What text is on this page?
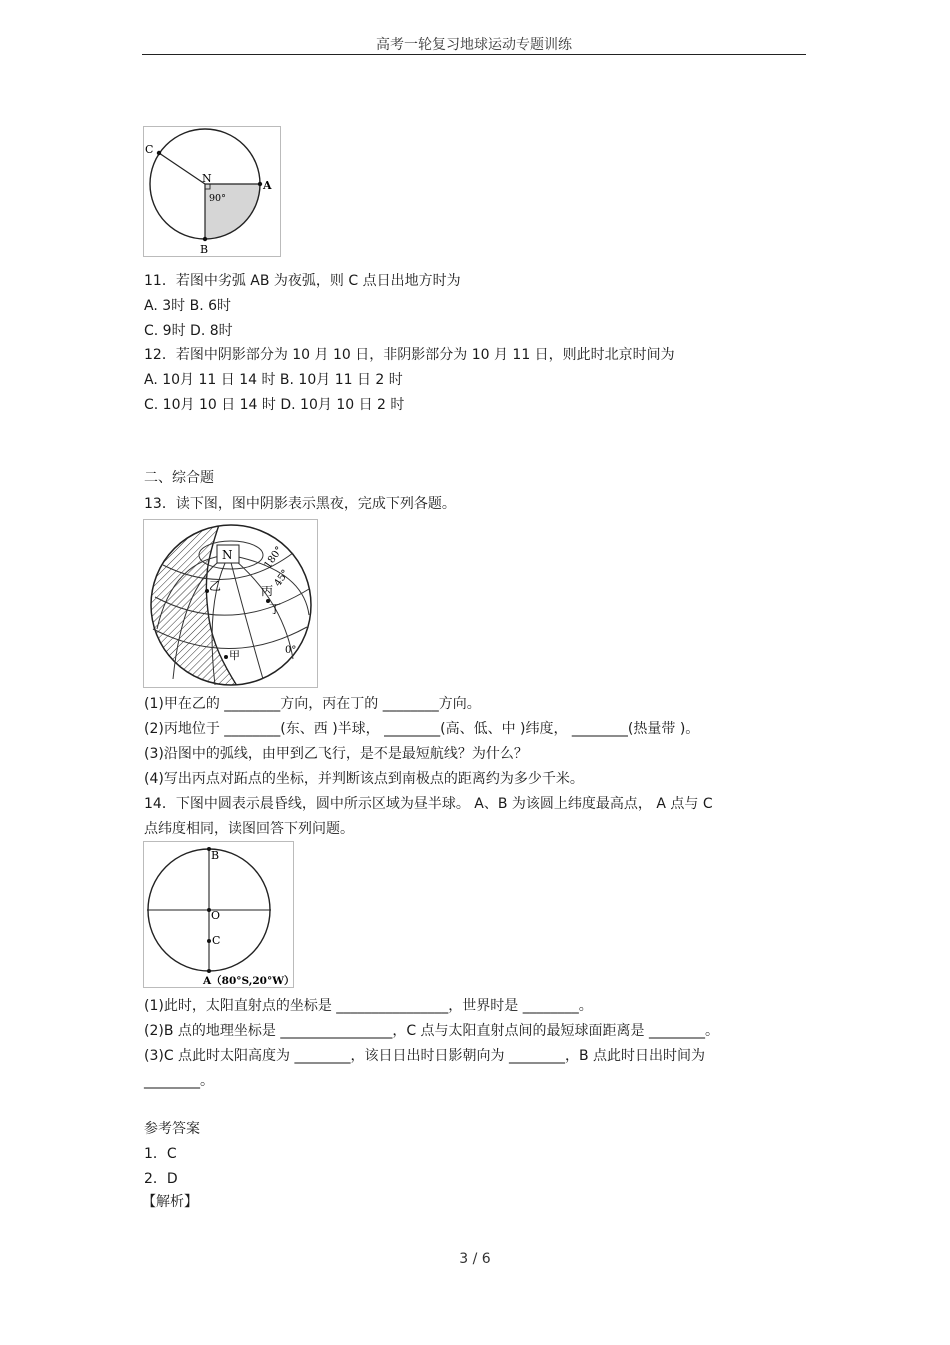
高考一轮复习地球运动专题训练
C
N
A
B
90°
11．若图中劣弧 AB 为夜弧，则 C 点日出地方时为
A. 3时 B. 6时
C. 9时 D. 8时
12．若图中阴影部分为 10 月 10 日，非阴影部分为 10 月 11 日，则此时北京时间为
A. 10月 11 日 14 时 B. 10月 11 日 2 时
C. 10月 10 日 14 时 D. 10月 10 日 2 时
二、综合题
13．读下图，图中阴影表示黑夜，完成下列各题。
N
乙	丙
丁
甲
180°
45°
0°
(1)甲在乙的 ________方向，丙在丁的 ________方向。
(2)丙地位于 ________(东、西 )半球， ________(高、低、中 )纬度， ________(热量带 )。
(3)沿图中的弧线，由甲到乙飞行，是不是最短航线？为什么？
(4)写出丙点对跖点的坐标，并判断该点到南极点的距离约为多少千米。
14．下图中圆表示晨昏线，圆中所示区域为昼半球。 A、B 为该圆上纬度最高点， A 点与 C
点纬度相同，读图回答下列问题。
B
O
C
A（80°S,20°W）
(1)此时，太阳直射点的坐标是 ________________，世界时是 ________。
(2)B 点的地理坐标是 ________________，C 点与太阳直射点间的最短球面距离是 ________。
(3)C 点此时太阳高度为 ________，该日日出时日影朝向为 ________，B 点此时日出时间为
________。
参考答案
1．C
2．D
【解析】
3 / 6
